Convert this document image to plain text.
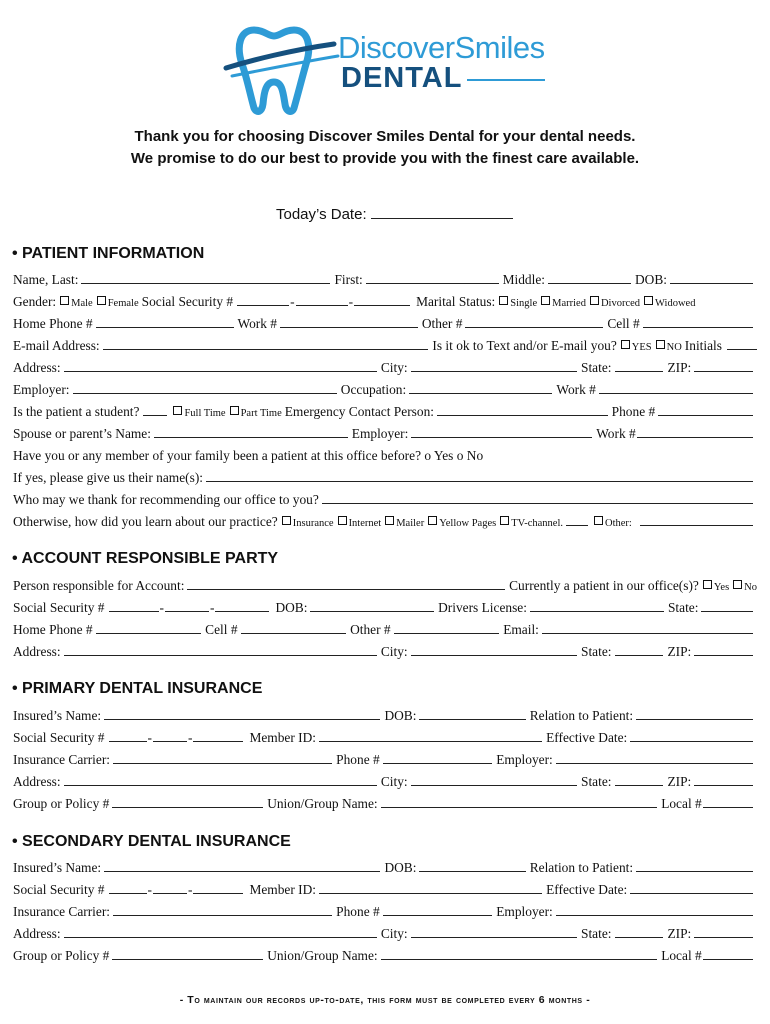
DiscoverSmiles
DENTAL
Thank you for choosing Discover Smiles Dental for your dental needs.
We promise to do our best to provide you with the finest care available.
Today’s Date:
• PATIENT INFORMATION
Name, Last:	First:	Middle:	DOB:
Gender: Male Female Social Security #	-	-	Marital Status: Single Married Divorced Widowed
Home Phone #	Work #	Other #	Cell #
E-mail Address:	Is it ok to Text and/or E-mail you? YES NO Initials
Address:	City:	State:	ZIP:
Employer:	Occupation:	Work #
Is the patient a student?	Full Time Part Time Emergency Contact Person:	Phone #
Spouse or parent’s Name:	Employer:	Work #
Have you or any member of your family been a patient at this office before? o Yes o No
If yes, please give us their name(s):
Who may we thank for recommending our office to you?
Otherwise, how did you learn about our practice? Insurance Internet Mailer Yellow Pages TV-channel.	Other:
• ACCOUNT RESPONSIBLE PARTY
Person responsible for Account:	Currently a patient in our office(s)? Yes No
Social Security #	-	-	DOB:	Drivers License:	State:
Home Phone #	Cell #	Other #	Email:
Address:	City:	State:	ZIP:
• PRIMARY DENTAL INSURANCE
Insured’s Name:	DOB:	Relation to Patient:
Social Security #	-	-	Member ID:	Effective Date:
Insurance Carrier:	Phone #	Employer:
Address:	City:	State:	ZIP:
Group or Policy #	Union/Group Name:	Local #
• SECONDARY DENTAL INSURANCE
Insured’s Name:	DOB:	Relation to Patient:
Social Security #	-	-	Member ID:	Effective Date:
Insurance Carrier:	Phone #	Employer:
Address:	City:	State:	ZIP:
Group or Policy #	Union/Group Name:	Local #
- To maintain our records up-to-date, this form must be completed every 6 months -
